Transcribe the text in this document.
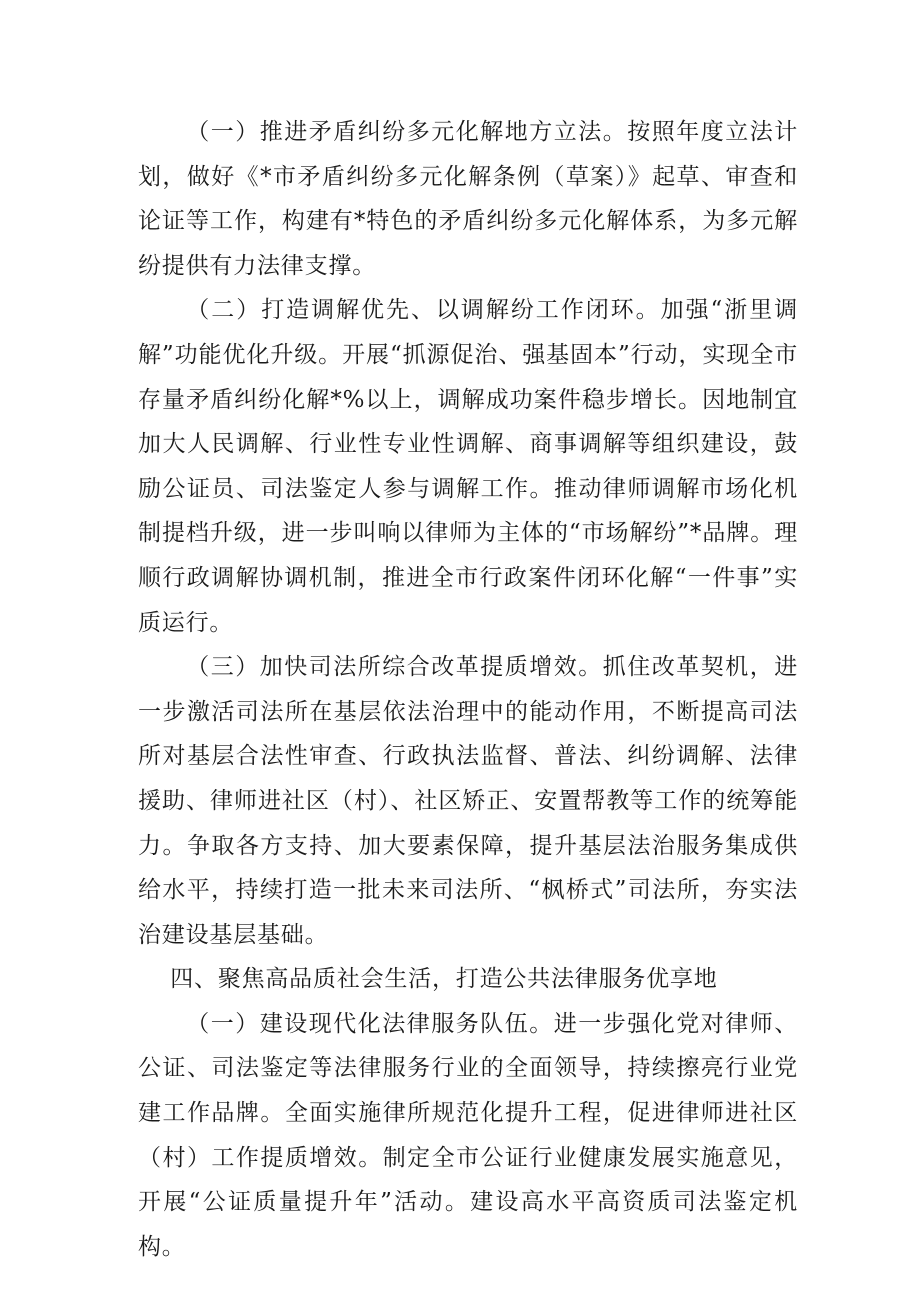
（一）推进矛盾纠纷多元化解地方立法。按照年度立法计划，做好《*市矛盾纠纷多元化解条例（草案）》起草、审查和论证等工作，构建有*特色的矛盾纠纷多元化解体系，为多元解纷提供有力法律支撑。

（二）打造调解优先、以调解纷工作闭环。加强“浙里调解”功能优化升级。开展“抓源促治、强基固本”行动，实现全市存量矛盾纠纷化解*%以上，调解成功案件稳步增长。因地制宜加大人民调解、行业性专业性调解、商事调解等组织建设，鼓励公证员、司法鉴定人参与调解工作。推动律师调解市场化机制提档升级，进一步叫响以律师为主体的“市场解纷”*品牌。理顺行政调解协调机制，推进全市行政案件闭环化解“一件事”实质运行。

（三）加快司法所综合改革提质增效。抓住改革契机，进一步激活司法所在基层依法治理中的能动作用，不断提高司法所对基层合法性审查、行政执法监督、普法、纠纷调解、法律援助、律师进社区（村）、社区矫正、安置帮教等工作的统筹能力。争取各方支持、加大要素保障，提升基层法治服务集成供给水平，持续打造一批未来司法所、“枫桥式”司法所，夯实法治建设基层基础。

四、聚焦高品质社会生活，打造公共法律服务优享地

（一）建设现代化法律服务队伍。进一步强化党对律师、公证、司法鉴定等法律服务行业的全面领导，持续擦亮行业党建工作品牌。全面实施律所规范化提升工程，促进律师进社区（村）工作提质增效。制定全市公证行业健康发展实施意见，开展“公证质量提升年”活动。建设高水平高资质司法鉴定机构。
